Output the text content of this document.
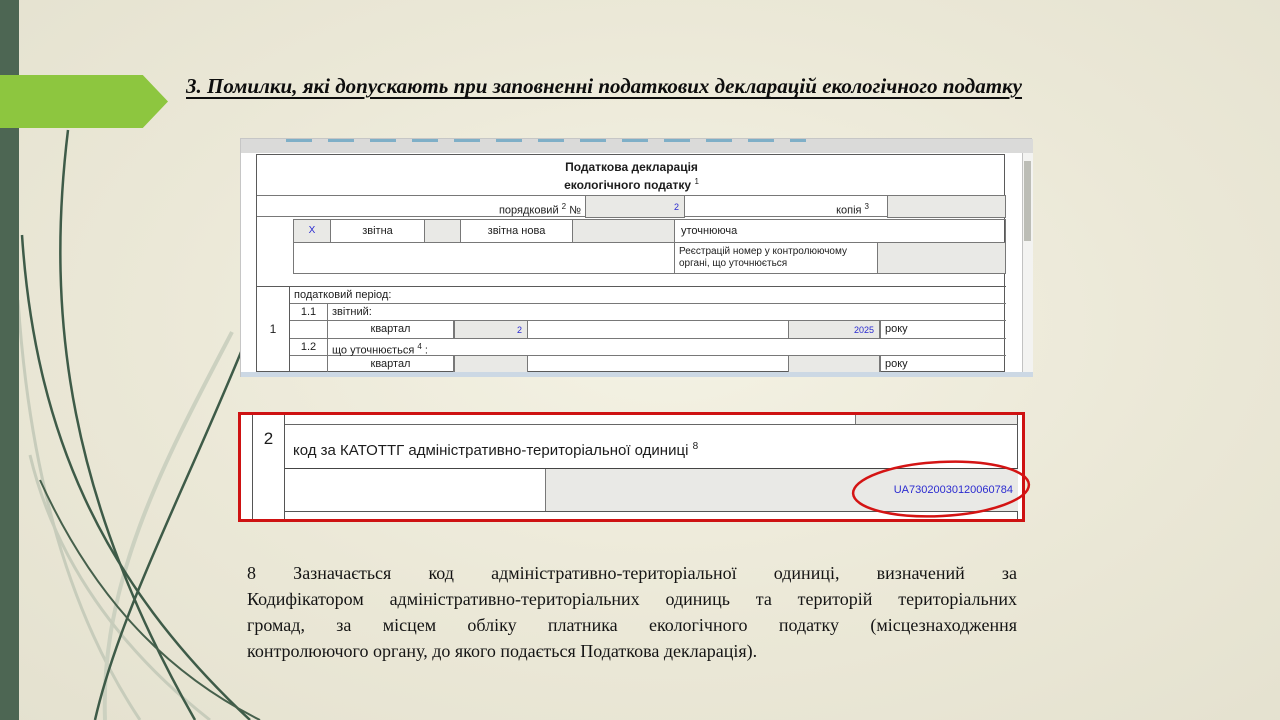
3. Помилки, які допускають при заповненні податкових декларацій екологічного податку
Податкова декларація
екологічного податку $^1$
порядковий $^2$ №	2	копія $^3$
X	звітна	звітна нова	уточнююча
Реєстрацій номер у контролюючому органі, що уточнюється
1
податковий період:
1.1	звітний:
квартал	2	2025	року
1.2	що уточнюється $^4$ :
квартал	року
2
код за КАТОТТГ адміністративно-територіальної одиниці $^8$
UA73020030120060784
8 Зазначається код адміністративно-територіальної одиниці, визначений за
Кодифікатором адміністративно-територіальних одиниць та територій територіальних
громад, за місцем обліку платника екологічного податку (місцезнаходження
контролюючого органу, до якого подається Податкова декларація).
